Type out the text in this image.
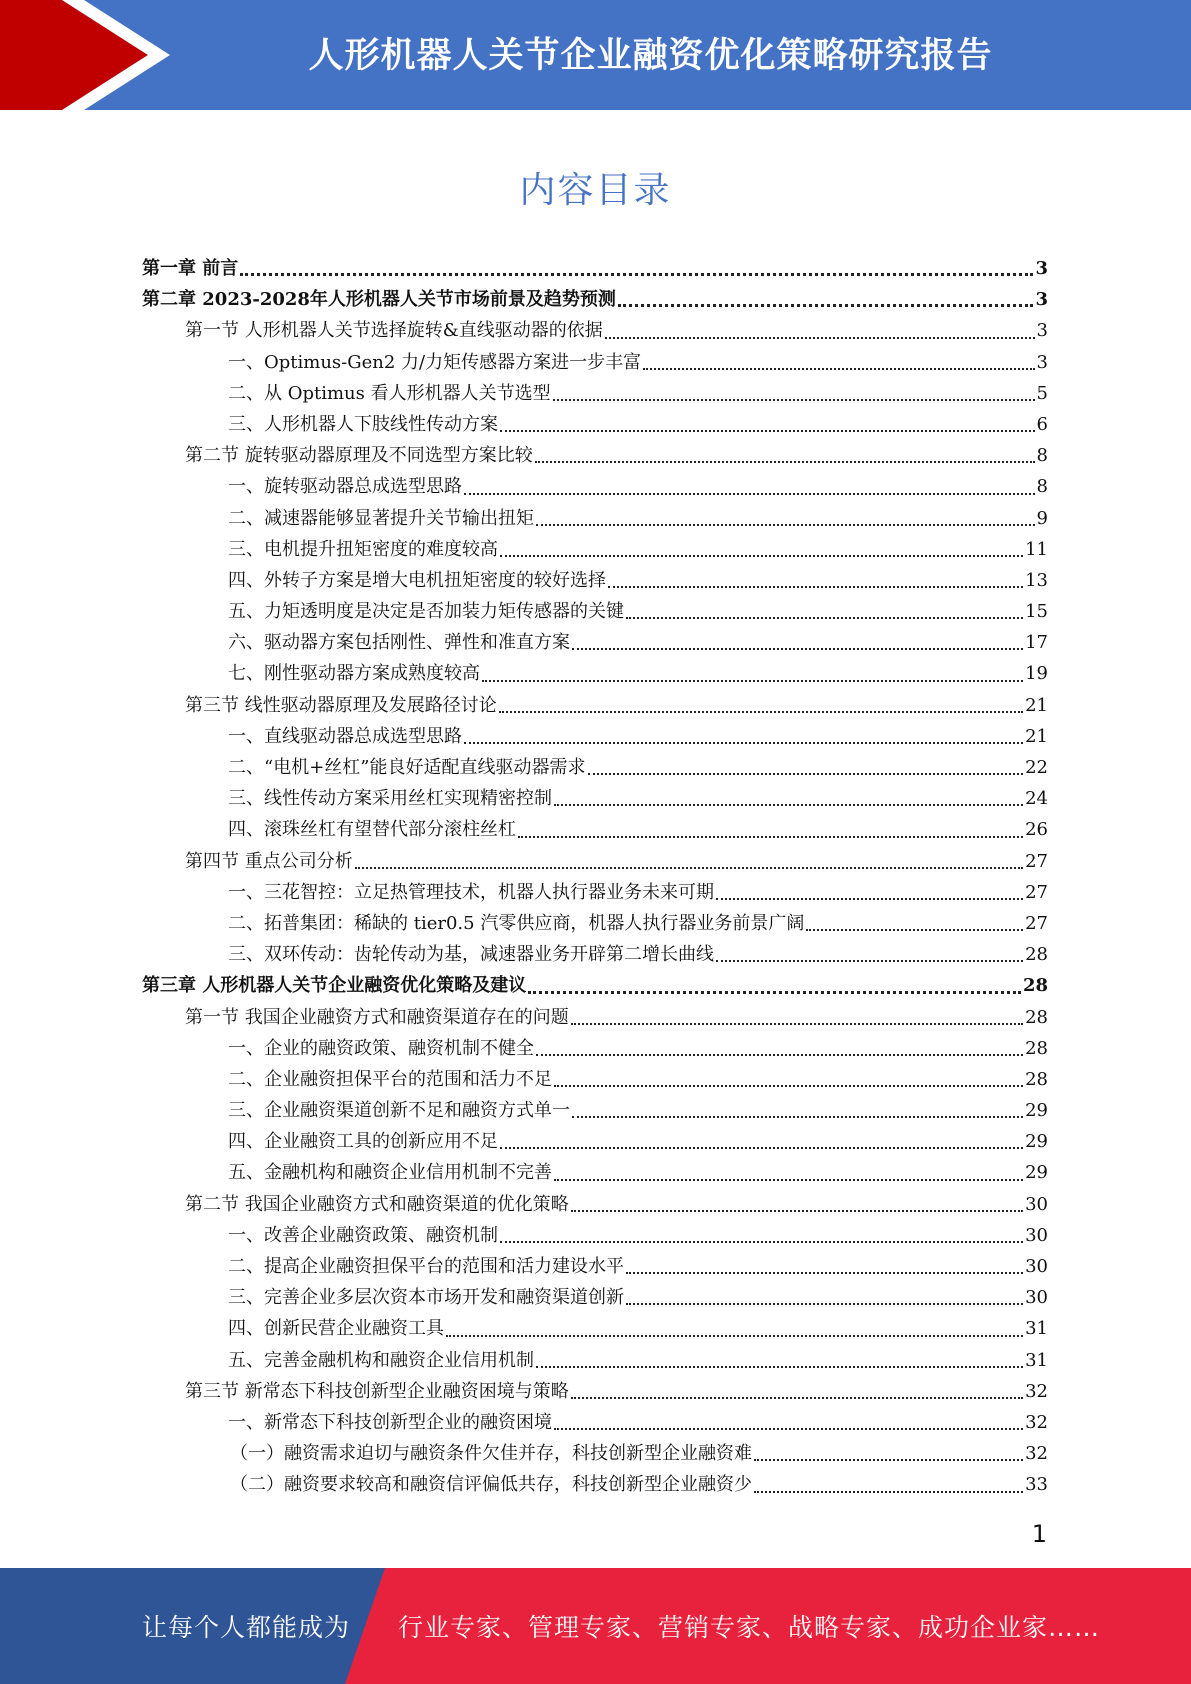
人形机器人关节企业融资优化策略研究报告
内容目录
第一章 前言	3
第二章 2023-2028年人形机器人关节市场前景及趋势预测	3
第一节 人形机器人关节选择旋转&直线驱动器的依据	3
一、Optimus-Gen2 力/力矩传感器方案进一步丰富	3
二、从 Optimus 看人形机器人关节选型	5
三、人形机器人下肢线性传动方案	6
第二节 旋转驱动器原理及不同选型方案比较	8
一、旋转驱动器总成选型思路	8
二、减速器能够显著提升关节输出扭矩	9
三、电机提升扭矩密度的难度较高	11
四、外转子方案是增大电机扭矩密度的较好选择	13
五、力矩透明度是决定是否加装力矩传感器的关键	15
六、驱动器方案包括刚性、弹性和准直方案	17
七、刚性驱动器方案成熟度较高	19
第三节 线性驱动器原理及发展路径讨论	21
一、直线驱动器总成选型思路	21
二、“电机+丝杠”能良好适配直线驱动器需求	22
三、线性传动方案采用丝杠实现精密控制	24
四、滚珠丝杠有望替代部分滚柱丝杠	26
第四节 重点公司分析	27
一、三花智控：立足热管理技术，机器人执行器业务未来可期	27
二、拓普集团：稀缺的 tier0.5 汽零供应商，机器人执行器业务前景广阔	27
三、双环传动：齿轮传动为基，减速器业务开辟第二增长曲线	28
第三章 人形机器人关节企业融资优化策略及建议	28
第一节 我国企业融资方式和融资渠道存在的问题	28
一、企业的融资政策、融资机制不健全	28
二、企业融资担保平台的范围和活力不足	28
三、企业融资渠道创新不足和融资方式单一	29
四、企业融资工具的创新应用不足	29
五、金融机构和融资企业信用机制不完善	29
第二节 我国企业融资方式和融资渠道的优化策略	30
一、改善企业融资政策、融资机制	30
二、提高企业融资担保平台的范围和活力建设水平	30
三、完善企业多层次资本市场开发和融资渠道创新	30
四、创新民营企业融资工具	31
五、完善金融机构和融资企业信用机制	31
第三节 新常态下科技创新型企业融资困境与策略	32
一、新常态下科技创新型企业的融资困境	32
（一）融资需求迫切与融资条件欠佳并存，科技创新型企业融资难	32
（二）融资要求较高和融资信评偏低共存，科技创新型企业融资少	33
1
让每个人都能成为 行业专家、管理专家、营销专家、战略专家、成功企业家……
